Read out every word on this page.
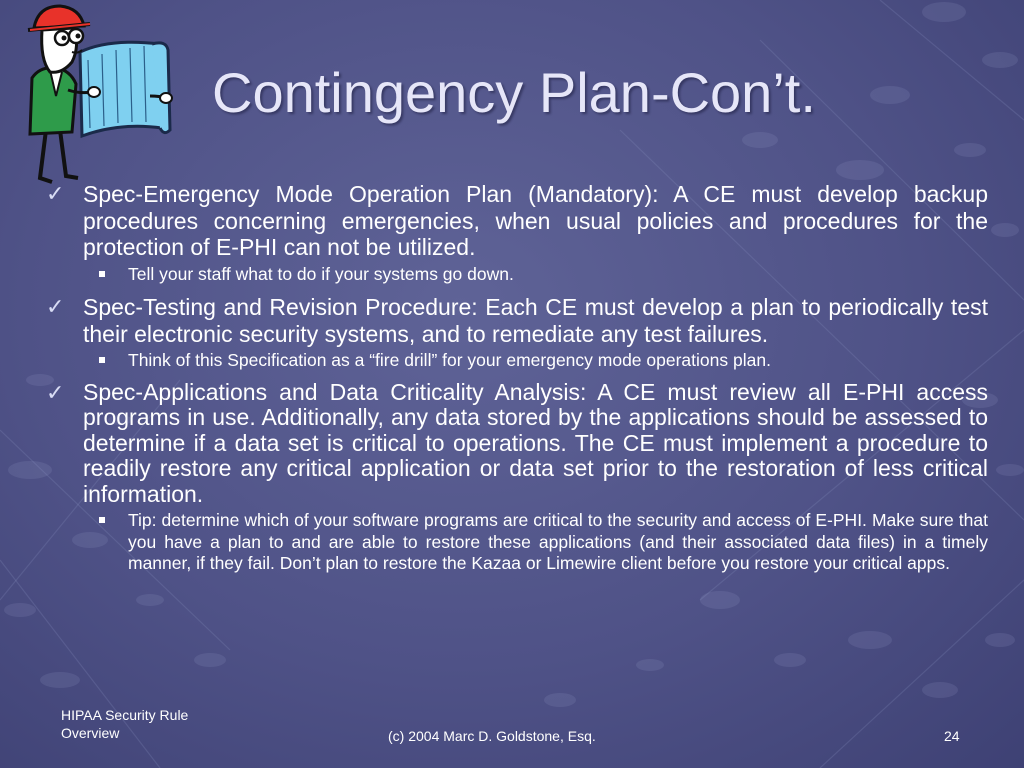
Contingency Plan-Con’t.
✓ Spec-Emergency Mode Operation Plan (Mandatory): A CE must develop backup procedures concerning emergencies, when usual policies and procedures for the protection of E-PHI can not be utilized.
Tell your staff what to do if your systems go down.
✓ Spec-Testing and Revision Procedure: Each CE must develop a plan to periodically test their electronic security systems, and to remediate any test failures.
Think of this Specification as a “fire drill” for your emergency mode operations plan.
✓ Spec-Applications and Data Criticality Analysis: A CE must review all E-PHI access programs in use. Additionally, any data stored by the applications should be assessed to determine if a data set is critical to operations. The CE must implement a procedure to readily restore any critical application or data set prior to the restoration of less critical information.
Tip: determine which of your software programs are critical to the security and access of E-PHI. Make sure that you have a plan to and are able to restore these applications (and their associated data files) in a timely manner, if they fail. Don’t plan to restore the Kazaa or Limewire client before you restore your critical apps.
HIPAA Security Rule
Overview	(c) 2004 Marc D. Goldstone, Esq.	24
